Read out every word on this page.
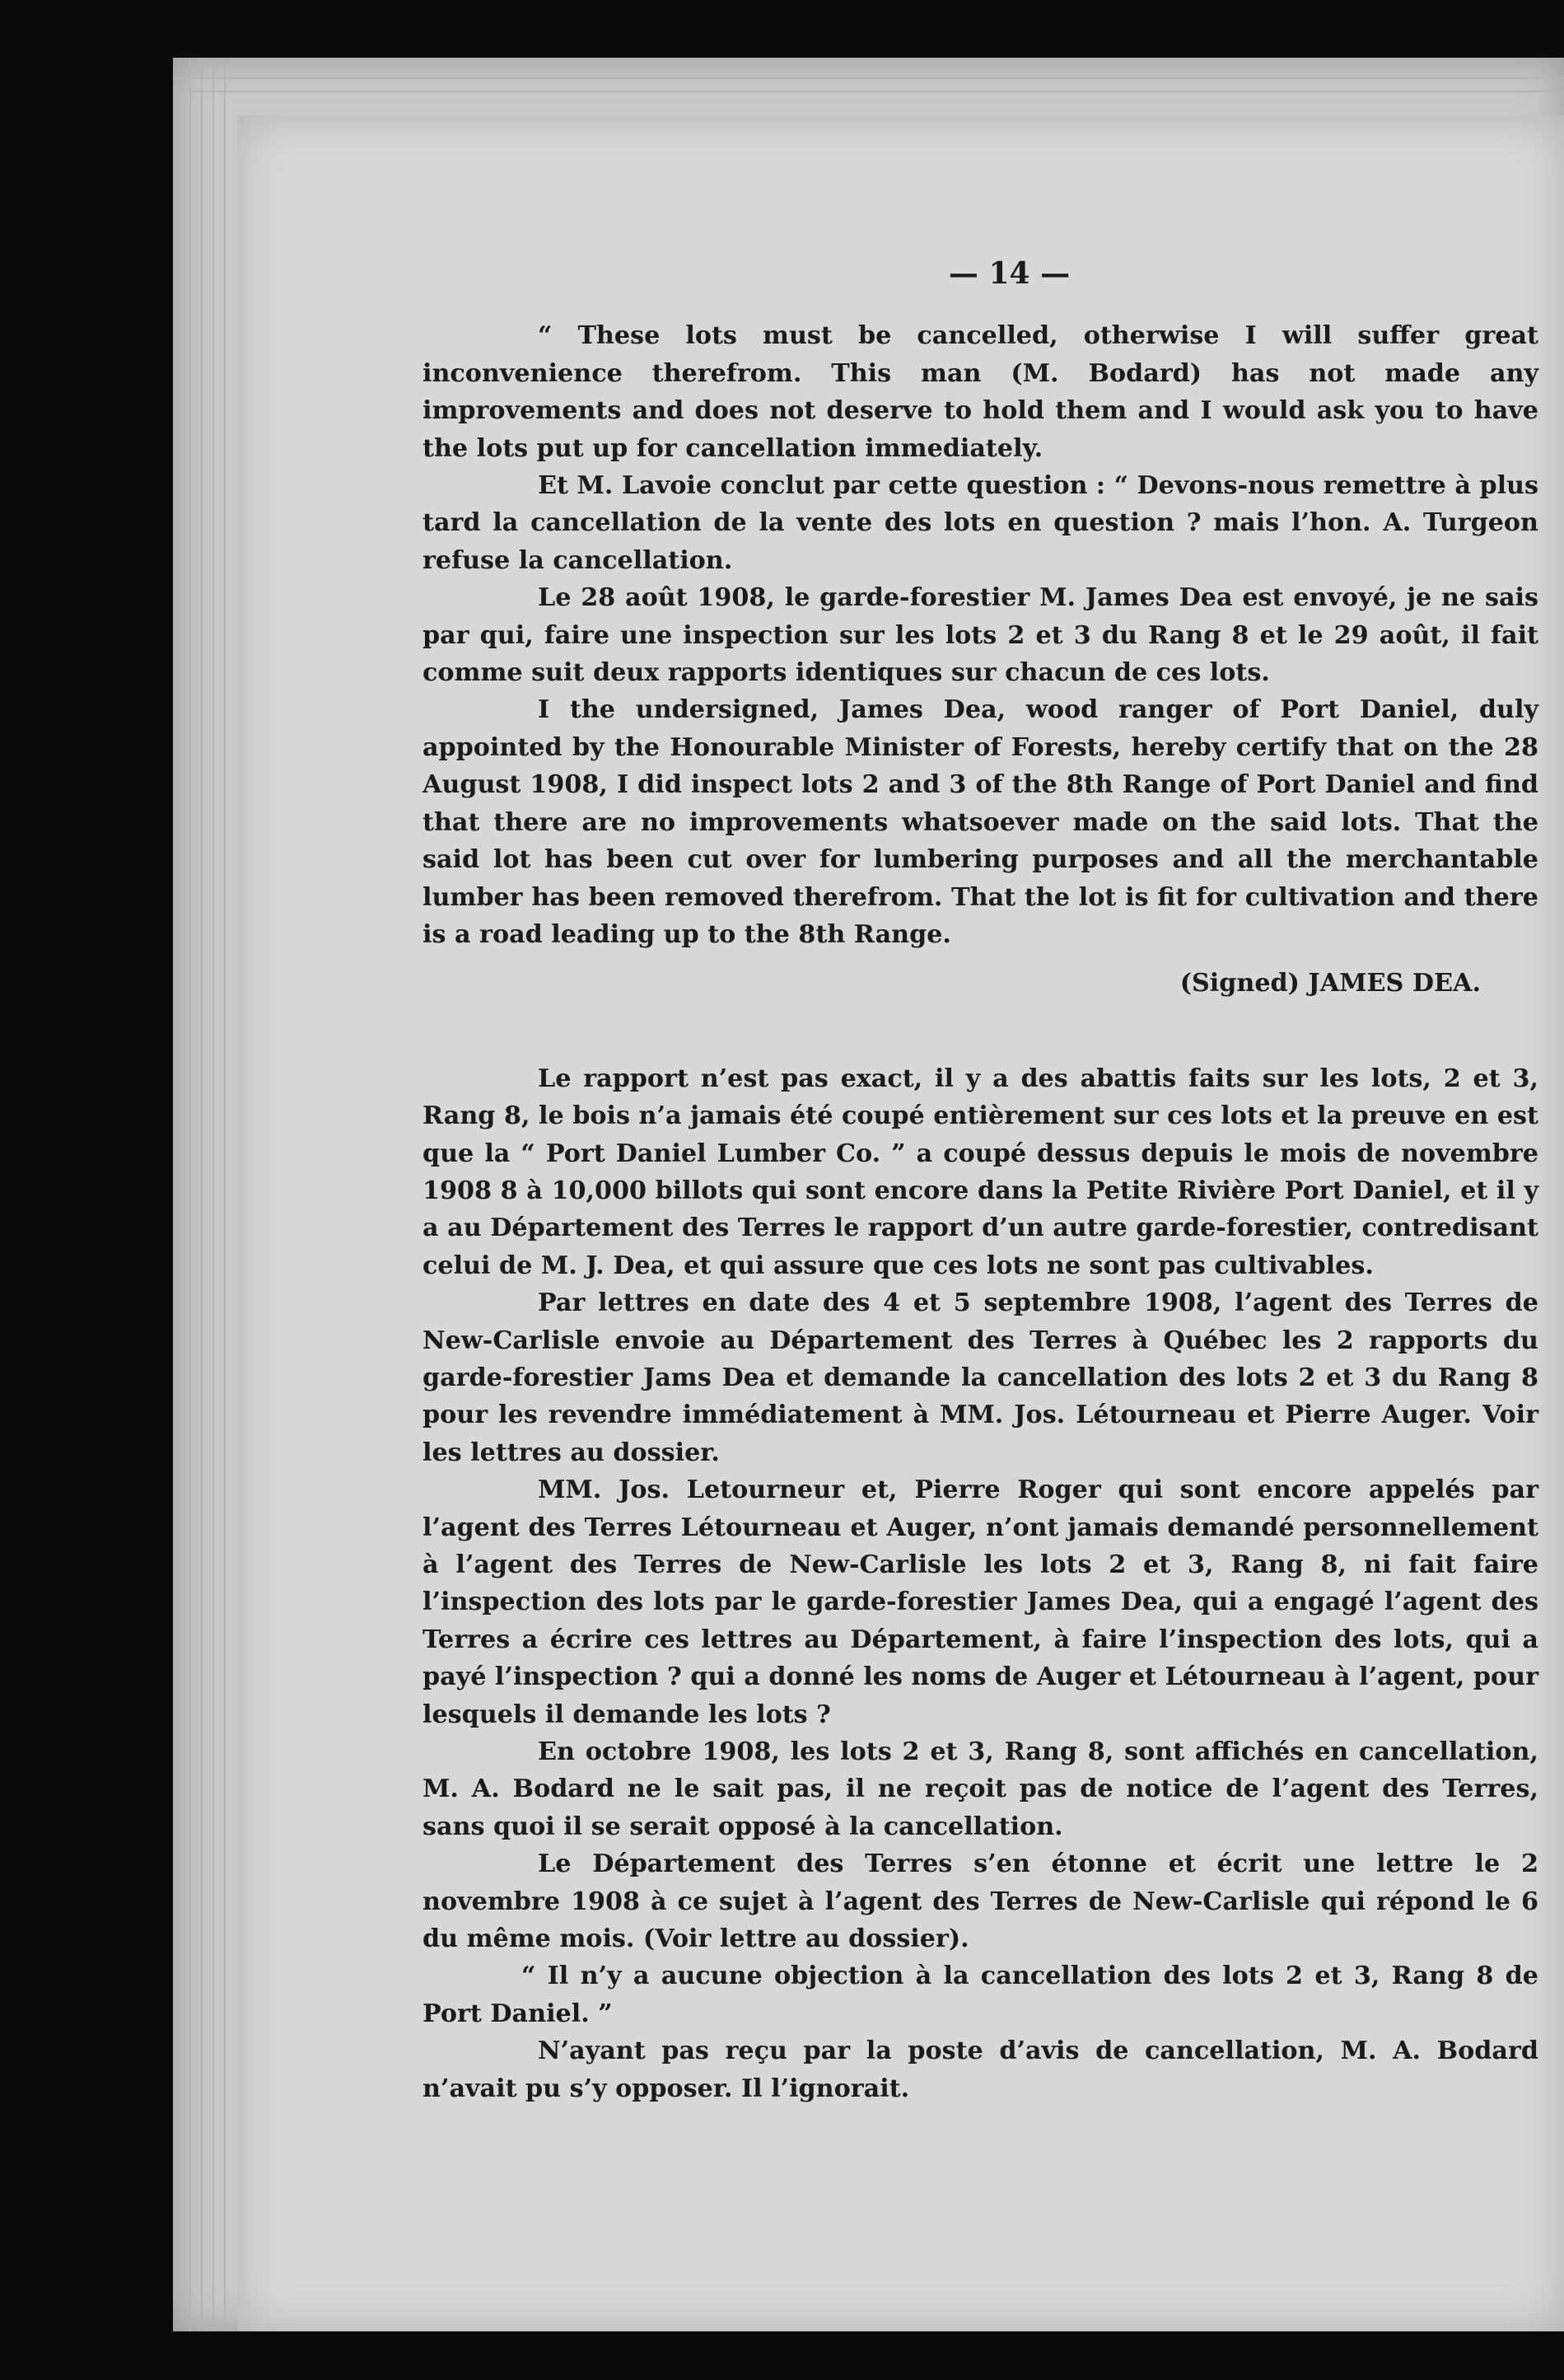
— 14 —

“ These lots must be cancelled, otherwise I will suffer great inconvenience therefrom. This man (M. Bodard) has not made any improvements and does not deserve to hold them and I would ask you to have the lots put up for cancellation immediately.

Et M. Lavoie conclut par cette question : “ Devons-nous remettre à plus tard la cancellation de la vente des lots en question ? mais l’hon. A. Turgeon refuse la cancellation.

Le 28 août 1908, le garde-forestier M. James Dea est envoyé, je ne sais par qui, faire une inspection sur les lots 2 et 3 du Rang 8 et le 29 août, il fait comme suit deux rapports identiques sur chacun de ces lots.

I the undersigned, James Dea, wood ranger of Port Daniel, duly appointed by the Honourable Minister of Forests, hereby certify that on the 28 August 1908, I did inspect lots 2 and 3 of the 8th Range of Port Daniel and find that there are no improvements whatsoever made on the said lots. That the said lot has been cut over for lumbering purposes and all the merchantable lumber has been removed therefrom. That the lot is fit for cultivation and there is a road leading up to the 8th Range.

(Signed) JAMES DEA.

Le rapport n’est pas exact, il y a des abattis faits sur les lots, 2 et 3, Rang 8, le bois n’a jamais été coupé entièrement sur ces lots et la preuve en est que la “ Port Daniel Lumber Co. ” a coupé dessus depuis le mois de novembre 1908 8 à 10,000 billots qui sont encore dans la Petite Rivière Port Daniel, et il y a au Département des Terres le rapport d’un autre garde-forestier, contredisant celui de M. J. Dea, et qui assure que ces lots ne sont pas cultivables.

Par lettres en date des 4 et 5 septembre 1908, l’agent des Terres de New-Carlisle envoie au Département des Terres à Québec les 2 rapports du garde-forestier Jams Dea et demande la cancellation des lots 2 et 3 du Rang 8 pour les revendre immédiatement à MM. Jos. Létourneau et Pierre Auger. Voir les lettres au dossier.

MM. Jos. Letourneur et, Pierre Roger qui sont encore appelés par l’agent des Terres Létourneau et Auger, n’ont jamais demandé personnellement à l’agent des Terres de New-Carlisle les lots 2 et 3, Rang 8, ni fait faire l’inspection des lots par le garde-forestier James Dea, qui a engagé l’agent des Terres a écrire ces lettres au Département, à faire l’inspection des lots, qui a payé l’inspection ? qui a donné les noms de Auger et Létourneau à l’agent, pour lesquels il demande les lots ?

En octobre 1908, les lots 2 et 3, Rang 8, sont affichés en cancellation, M. A. Bodard ne le sait pas, il ne reçoit pas de notice de l’agent des Terres, sans quoi il se serait opposé à la cancellation.

Le Département des Terres s’en étonne et écrit une lettre le 2 novembre 1908 à ce sujet à l’agent des Terres de New-Carlisle qui répond le 6 du même mois. (Voir lettre au dossier).

“ Il n’y a aucune objection à la cancellation des lots 2 et 3, Rang 8 de Port Daniel. ”

N’ayant pas reçu par la poste d’avis de cancellation, M. A. Bodard n’avait pu s’y opposer. Il l’ignorait.
